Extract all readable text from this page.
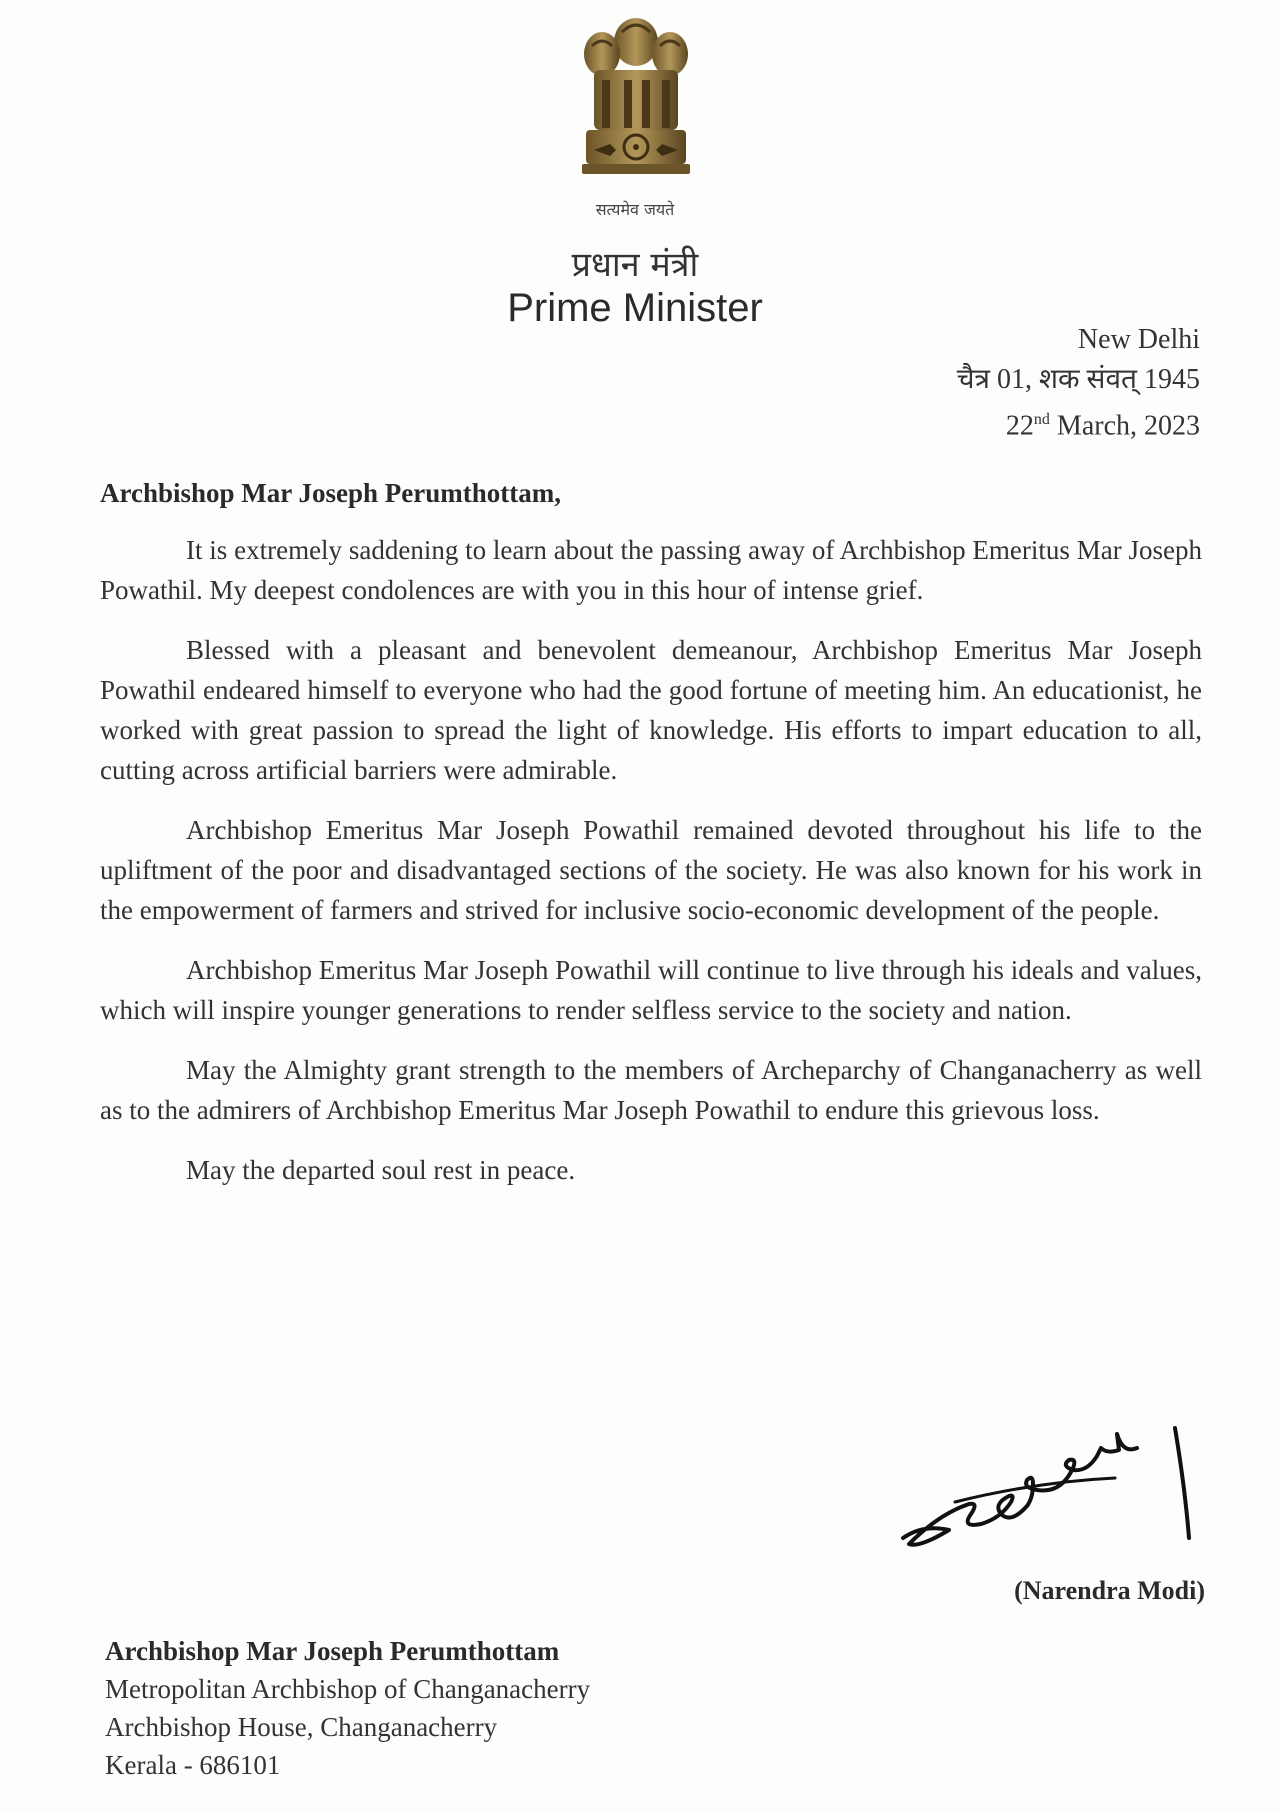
सत्यमेव जयते
प्रधान मंत्री
Prime Minister
New Delhi
चैत्र 01, शक संवत् 1945
22nd March, 2023
Archbishop Mar Joseph Perumthottam,

It is extremely saddening to learn about the passing away of Archbishop Emeritus Mar Joseph Powathil. My deepest condolences are with you in this hour of intense grief.

Blessed with a pleasant and benevolent demeanour, Archbishop Emeritus Mar Joseph Powathil endeared himself to everyone who had the good fortune of meeting him. An educationist, he worked with great passion to spread the light of knowledge. His efforts to impart education to all, cutting across artificial barriers were admirable.

Archbishop Emeritus Mar Joseph Powathil remained devoted throughout his life to the upliftment of the poor and disadvantaged sections of the society. He was also known for his work in the empowerment of farmers and strived for inclusive socio-economic development of the people.

Archbishop Emeritus Mar Joseph Powathil will continue to live through his ideals and values, which will inspire younger generations to render selfless service to the society and nation.

May the Almighty grant strength to the members of Archeparchy of Changanacherry as well as to the admirers of Archbishop Emeritus Mar Joseph Powathil to endure this grievous loss.

May the departed soul rest in peace.

(Narendra Modi)
Archbishop Mar Joseph Perumthottam
Metropolitan Archbishop of Changanacherry
Archbishop House, Changanacherry
Kerala - 686101
